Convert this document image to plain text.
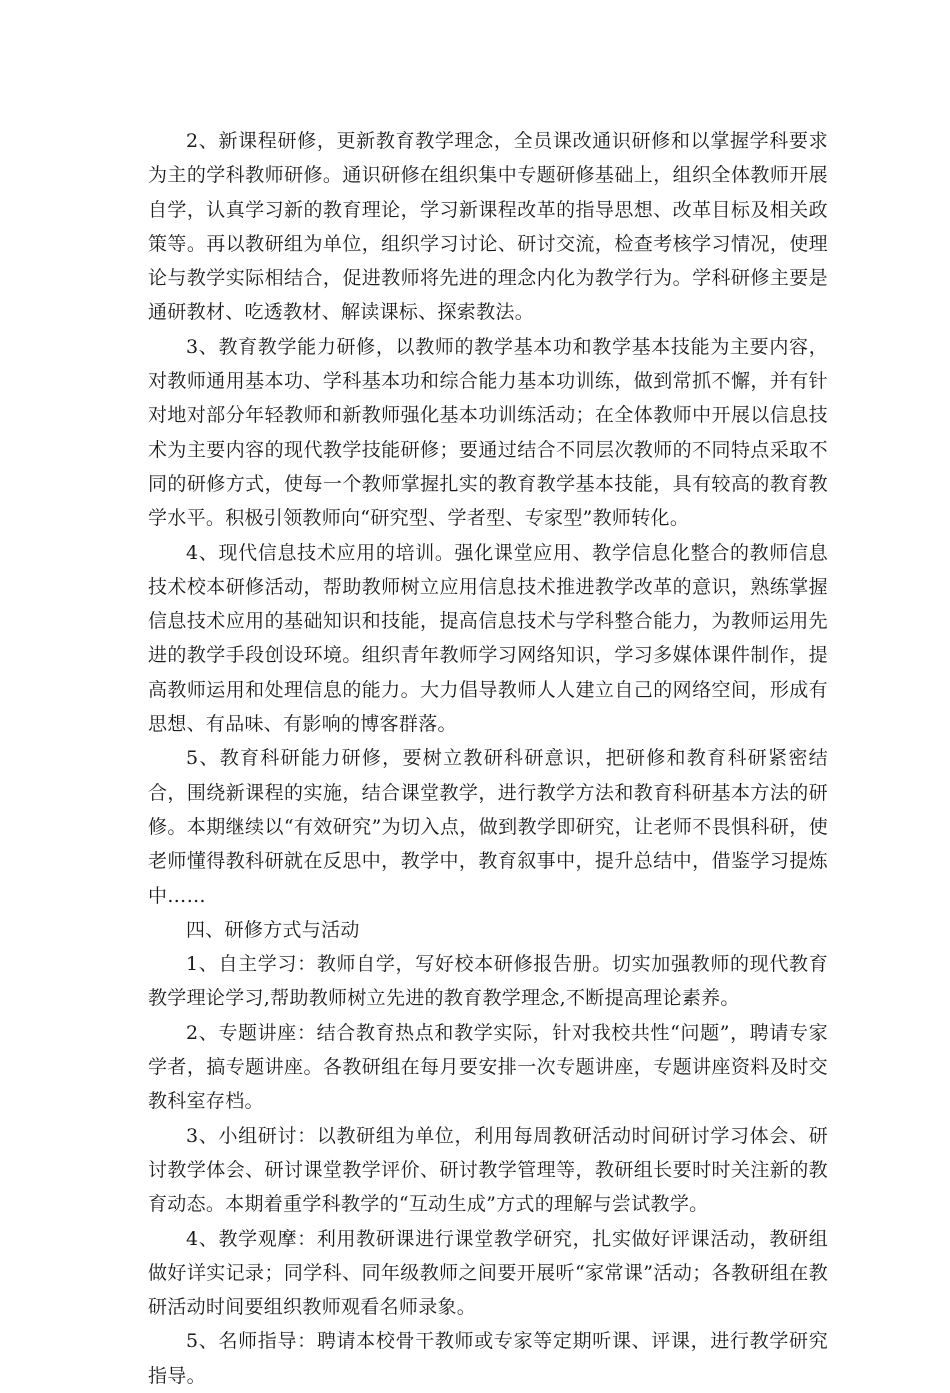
2、新课程研修，更新教育教学理念，全员课改通识研修和以掌握学科要求为主的学科教师研修。通识研修在组织集中专题研修基础上，组织全体教师开展自学，认真学习新的教育理论，学习新课程改革的指导思想、改革目标及相关政策等。再以教研组为单位，组织学习讨论、研讨交流，检查考核学习情况，使理论与教学实际相结合，促进教师将先进的理念内化为教学行为。学科研修主要是通研教材、吃透教材、解读课标、探索教法。

3、教育教学能力研修，以教师的教学基本功和教学基本技能为主要内容，对教师通用基本功、学科基本功和综合能力基本功训练，做到常抓不懈，并有针对地对部分年轻教师和新教师强化基本功训练活动；在全体教师中开展以信息技术为主要内容的现代教学技能研修；要通过结合不同层次教师的不同特点采取不同的研修方式，使每一个教师掌握扎实的教育教学基本技能，具有较高的教育教学水平。积极引领教师向“研究型、学者型、专家型”教师转化。

4、现代信息技术应用的培训。强化课堂应用、教学信息化整合的教师信息技术校本研修活动，帮助教师树立应用信息技术推进教学改革的意识，熟练掌握信息技术应用的基础知识和技能，提高信息技术与学科整合能力，为教师运用先进的教学手段创设环境。组织青年教师学习网络知识，学习多媒体课件制作，提高教师运用和处理信息的能力。大力倡导教师人人建立自己的网络空间，形成有思想、有品味、有影响的博客群落。

5、教育科研能力研修，要树立教研科研意识，把研修和教育科研紧密结合，围绕新课程的实施，结合课堂教学，进行教学方法和教育科研基本方法的研修。本期继续以“有效研究”为切入点，做到教学即研究，让老师不畏惧科研，使老师懂得教科研就在反思中，教学中，教育叙事中，提升总结中，借鉴学习提炼中……

四、研修方式与活动

1、自主学习：教师自学，写好校本研修报告册。切实加强教师的现代教育教学理论学习,帮助教师树立先进的教育教学理念,不断提高理论素养。

2、专题讲座：结合教育热点和教学实际，针对我校共性“问题”，聘请专家学者，搞专题讲座。各教研组在每月要安排一次专题讲座，专题讲座资料及时交教科室存档。

3、小组研讨：以教研组为单位，利用每周教研活动时间研讨学习体会、研讨教学体会、研讨课堂教学评价、研讨教学管理等，教研组长要时时关注新的教育动态。本期着重学科教学的“互动生成”方式的理解与尝试教学。

4、教学观摩：利用教研课进行课堂教学研究，扎实做好评课活动，教研组做好详实记录；同学科、同年级教师之间要开展听“家常课”活动；各教研组在教研活动时间要组织教师观看名师录象。

5、名师指导：聘请本校骨干教师或专家等定期听课、评课，进行教学研究指导。
